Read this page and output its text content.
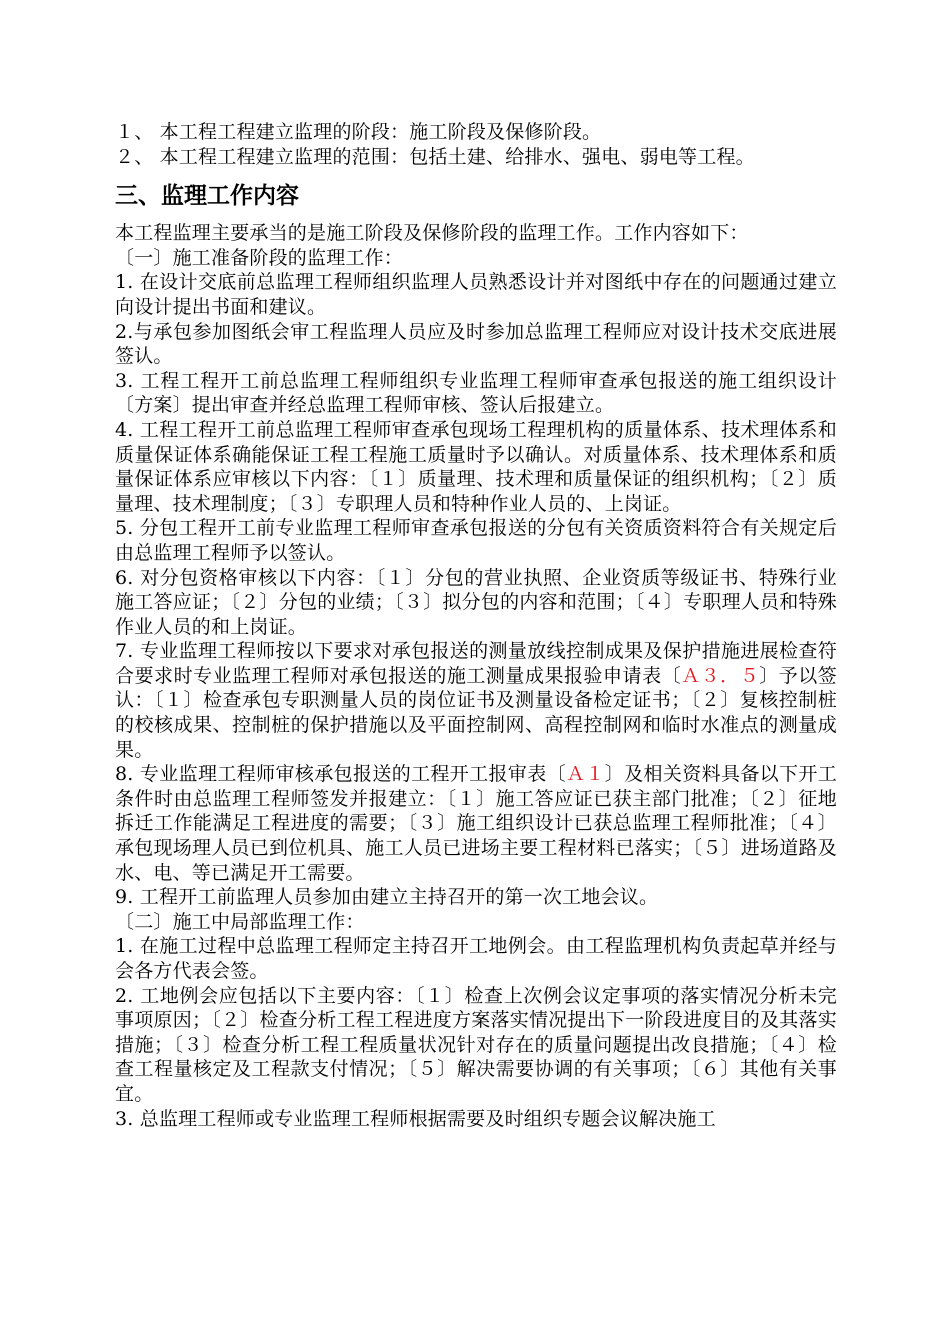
１、 本工程工程建立监理的阶段：施工阶段及保修阶段。

２、 本工程工程建立监理的范围：包括土建、给排水、强电、弱电等工程。

三、监理工作内容

本工程监理主要承当的是施工阶段及保修阶段的监理工作。工作内容如下：

〔一〕施工准备阶段的监理工作：

1. 在设计交底前总监理工程师组织监理人员熟悉设计并对图纸中存在的问题通过建立向设计提出书面和建议。

2.与承包参加图纸会审工程监理人员应及时参加总监理工程师应对设计技术交底进展签认。

3. 工程工程开工前总监理工程师组织专业监理工程师审查承包报送的施工组织设计〔方案〕提出审查并经总监理工程师审核、签认后报建立。

4. 工程工程开工前总监理工程师审查承包现场工程理机构的质量体系、技术理体系和质量保证体系确能保证工程工程施工质量时予以确认。对质量体系、技术理体系和质量保证体系应审核以下内容：〔１〕质量理、技术理和质量保证的组织机构；〔２〕质量理、技术理制度；〔３〕专职理人员和特种作业人员的、上岗证。

5. 分包工程开工前专业监理工程师审查承包报送的分包有关资质资料符合有关规定后由总监理工程师予以签认。

6. 对分包资格审核以下内容：〔１〕分包的营业执照、企业资质等级证书、特殊行业施工答应证；〔２〕分包的业绩；〔３〕拟分包的内容和范围；〔４〕专职理人员和特殊作业人员的和上岗证。

7. 专业监理工程师按以下要求对承包报送的测量放线控制成果及保护措施进展检查符合要求时专业监理工程师对承包报送的施工测量成果报验申请表〔Ａ３．５〕予以签认：〔１〕检查承包专职测量人员的岗位证书及测量设备检定证书；〔２〕复核控制桩的校核成果、控制桩的保护措施以及平面控制网、高程控制网和临时水准点的测量成果。

8. 专业监理工程师审核承包报送的工程开工报审表〔Ａ１〕及相关资料具备以下开工条件时由总监理工程师签发并报建立：〔１〕施工答应证已获主部门批准；〔２〕征地拆迁工作能满足工程进度的需要；〔３〕施工组织设计已获总监理工程师批准；〔４〕承包现场理人员已到位机具、施工人员已进场主要工程材料已落实；〔５〕进场道路及水、电、等已满足开工需要。

9. 工程开工前监理人员参加由建立主持召开的第一次工地会议。

〔二〕施工中局部监理工作：

1. 在施工过程中总监理工程师定主持召开工地例会。由工程监理机构负责起草并经与会各方代表会签。

2. 工地例会应包括以下主要内容：〔１〕检查上次例会议定事项的落实情况分析未完事项原因；〔２〕检查分析工程工程进度方案落实情况提出下一阶段进度目的及其落实措施；〔３〕检查分析工程工程质量状况针对存在的质量问题提出改良措施；〔４〕检查工程量核定及工程款支付情况；〔５〕解决需要协调的有关事项；〔６〕其他有关事宜。

3. 总监理工程师或专业监理工程师根据需要及时组织专题会议解决施工
